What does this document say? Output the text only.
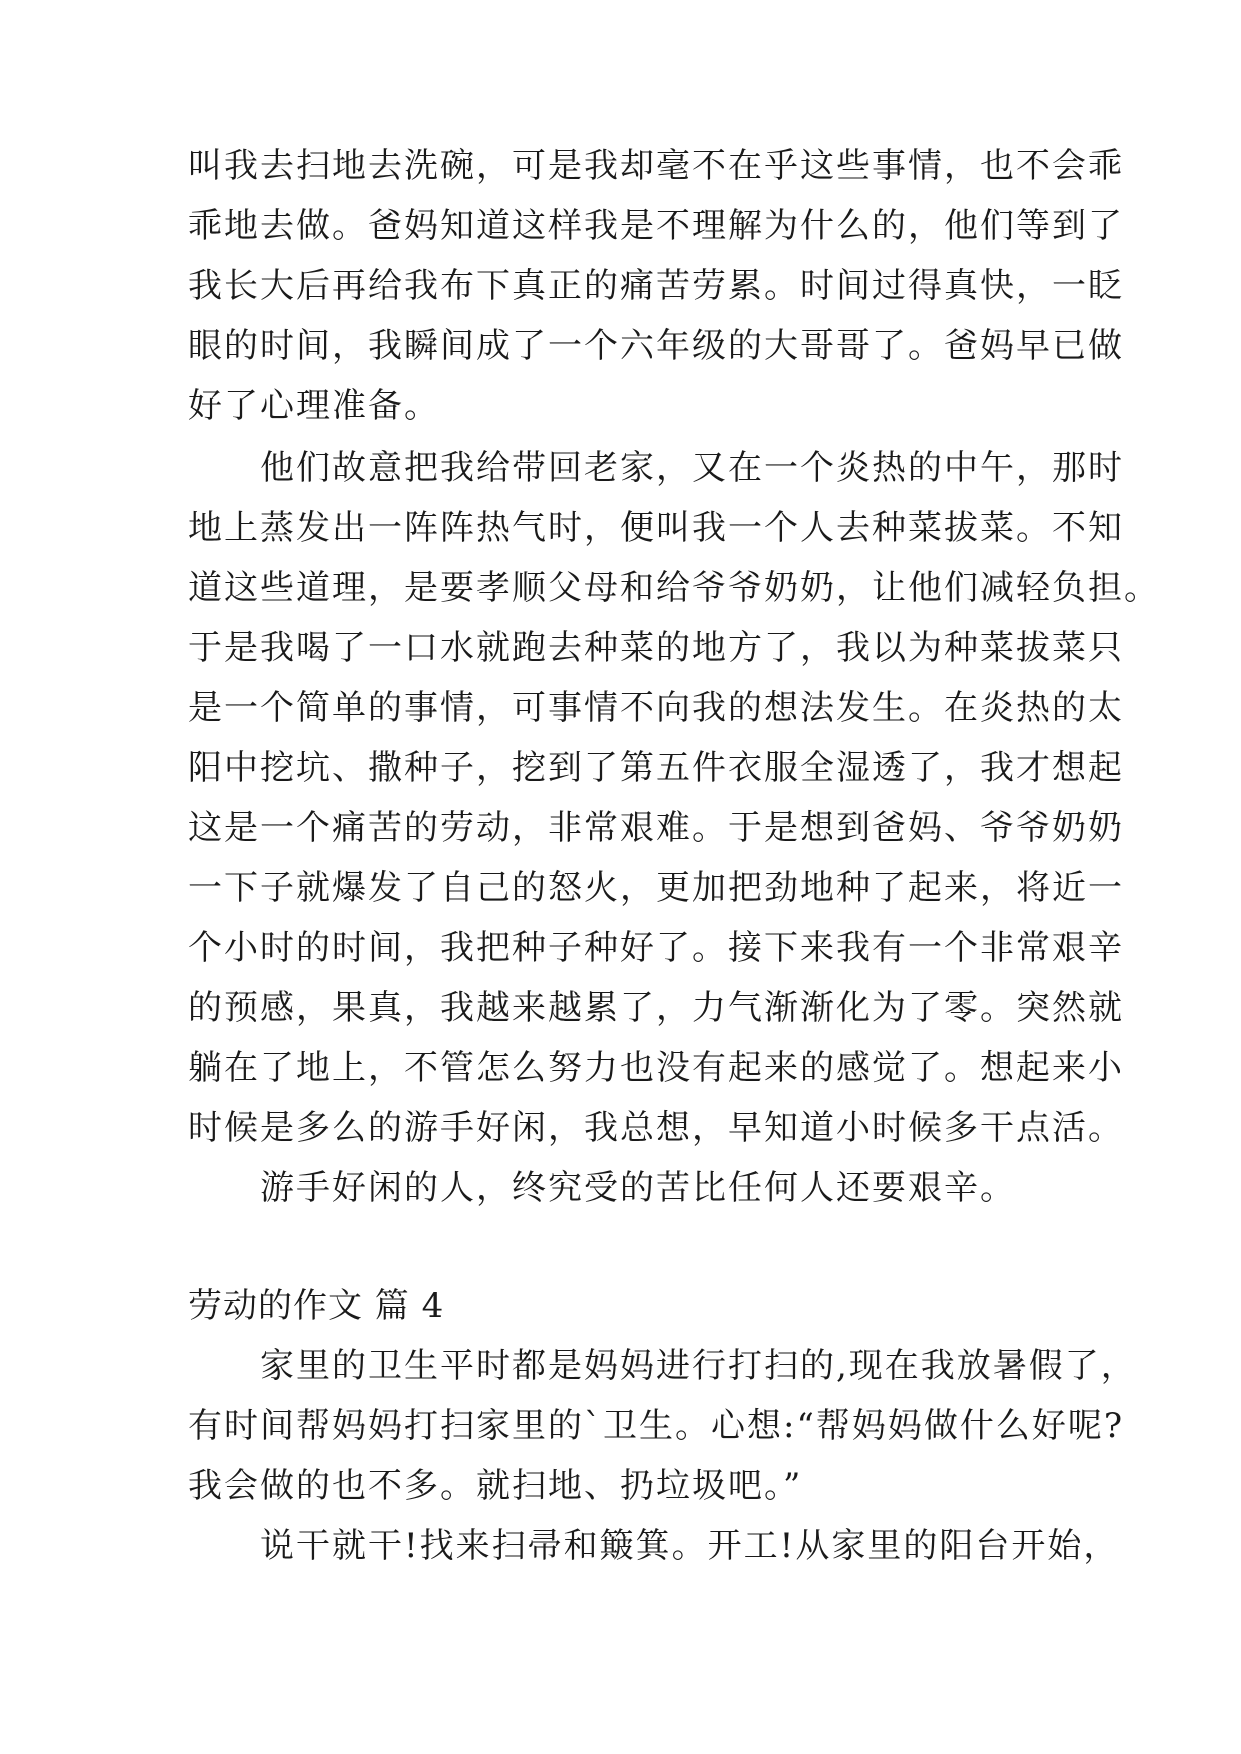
叫我去扫地去洗碗，可是我却毫不在乎这些事情，也不会乖
乖地去做。爸妈知道这样我是不理解为什么的，他们等到了
我长大后再给我布下真正的痛苦劳累。时间过得真快，一眨
眼的时间，我瞬间成了一个六年级的大哥哥了。爸妈早已做
好了心理准备。
　　他们故意把我给带回老家，又在一个炎热的中午，那时
地上蒸发出一阵阵热气时，便叫我一个人去种菜拔菜。不知
道这些道理，是要孝顺父母和给爷爷奶奶，让他们减轻负担。
于是我喝了一口水就跑去种菜的地方了，我以为种菜拔菜只
是一个简单的事情，可事情不向我的想法发生。在炎热的太
阳中挖坑、撒种子，挖到了第五件衣服全湿透了，我才想起
这是一个痛苦的劳动，非常艰难。于是想到爸妈、爷爷奶奶
一下子就爆发了自己的怒火，更加把劲地种了起来，将近一
个小时的时间，我把种子种好了。接下来我有一个非常艰辛
的预感，果真，我越来越累了，力气渐渐化为了零。突然就
躺在了地上，不管怎么努力也没有起来的感觉了。想起来小
时候是多么的游手好闲，我总想，早知道小时候多干点活。
　　游手好闲的人，终究受的苦比任何人还要艰辛。
劳动的作文 篇 4
　　家里的卫生平时都是妈妈进行打扫的,现在我放暑假了，
有时间帮妈妈打扫家里的`卫生。心想:“帮妈妈做什么好呢?
我会做的也不多。就扫地、扔垃圾吧。”
　　说干就干!找来扫帚和簸箕。开工!从家里的阳台开始，
